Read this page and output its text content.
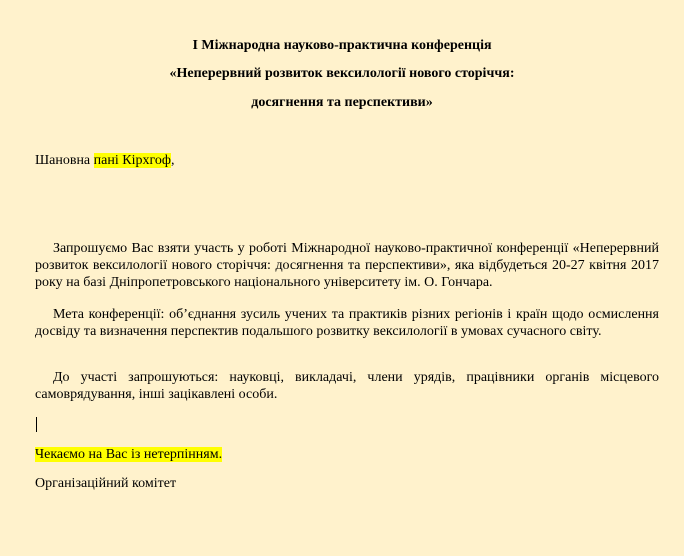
І Міжнародна науково-практична конференція
«Неперервний розвиток вексилології нового сторіччя:
досягнення та перспективи»
Шановна пані Кірхгоф,

Запрошуємо Вас взяти участь у роботі Міжнародної науково-практичної конференції «Неперервний розвиток вексилології нового сторіччя: досягнення та перспективи», яка відбудеться 20-27 квітня 2017 року на базі Дніпропетровського національного університету ім. О. Гончара.

Мета конференції: об’єднання зусиль учених та практиків різних регіонів і країн щодо осмислення досвіду та визначення перспектив подальшого розвитку вексилології в умовах сучасного світу.

До участі запрошуються: науковці, викладачі, члени урядів, працівники органів місцевого самоврядування, інші зацікавлені особи.

Чекаємо на Вас із нетерпінням.
Організаційний комітет
